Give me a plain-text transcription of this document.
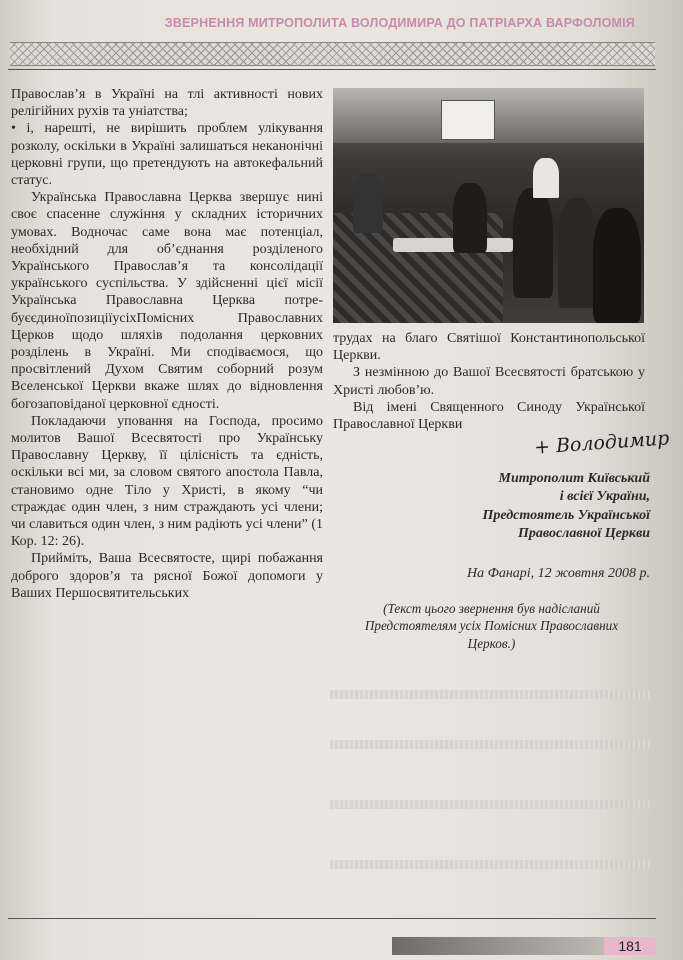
ЗВЕРНЕННЯ МИТРОПОЛИТА ВОЛОДИМИРА ДО ПАТРІАРХА ВАРФОЛОМІЯ

Православ’я в Україні на тлі активності нових релігійних рухів та уніатства;

• і, нарешті, не вирішить проблем улікування розколу, оскільки в Україні залишаться неканонічні церковні групи, що претендують на автокефальний статус.

Українська Православна Церква звершує нині своє спасенне служіння у складних історичних умовах. Водночас саме вона має потенціал, необхідний для об’єднання розділеного Українського Православ’я та консолідації українського суспільства. У здійсненні цієї місії Українська Православна Церква потребуєєдиноїпозиціїусіхПомісних Православних Церков щодо шляхів подолання церковних розділень в Україні. Ми сподіваємося, що просвітлений Духом Святим соборний розум Вселенської Церкви вкаже шлях до відновлення богозаповіданої церковної єдності.

Покладаючи уповання на Господа, просимо молитов Вашої Всесвятості про Українську Православну Церкву, її цілісність та єдність, оскільки всі ми, за словом святого апостола Павла, становимо одне Тіло у Христі, в якому “чи страждає один член, з ним страждають усі члени; чи славиться один член, з ним радіють усі члени” (1 Кор. 12: 26).

Прийміть, Ваша Всесвятосте, щирі побажання доброго здоров’я та рясної Божої допомоги у Ваших Першосвятительських

трудах на благо Святішої Константинопольської Церкви.

З незмінною до Вашої Всесвятості братською у Христі любов’ю.

Від імені Священного Синоду Української Православної Церкви

+ Володимир
Митрополит Київський
і всієї України,
Предстоятель Української
Православної Церкви
На Фанарі, 12 жовтня 2008 р.
(Текст цього звернення був надісланий Предстоятелям усіх Помісних Православних Церков.)
181
